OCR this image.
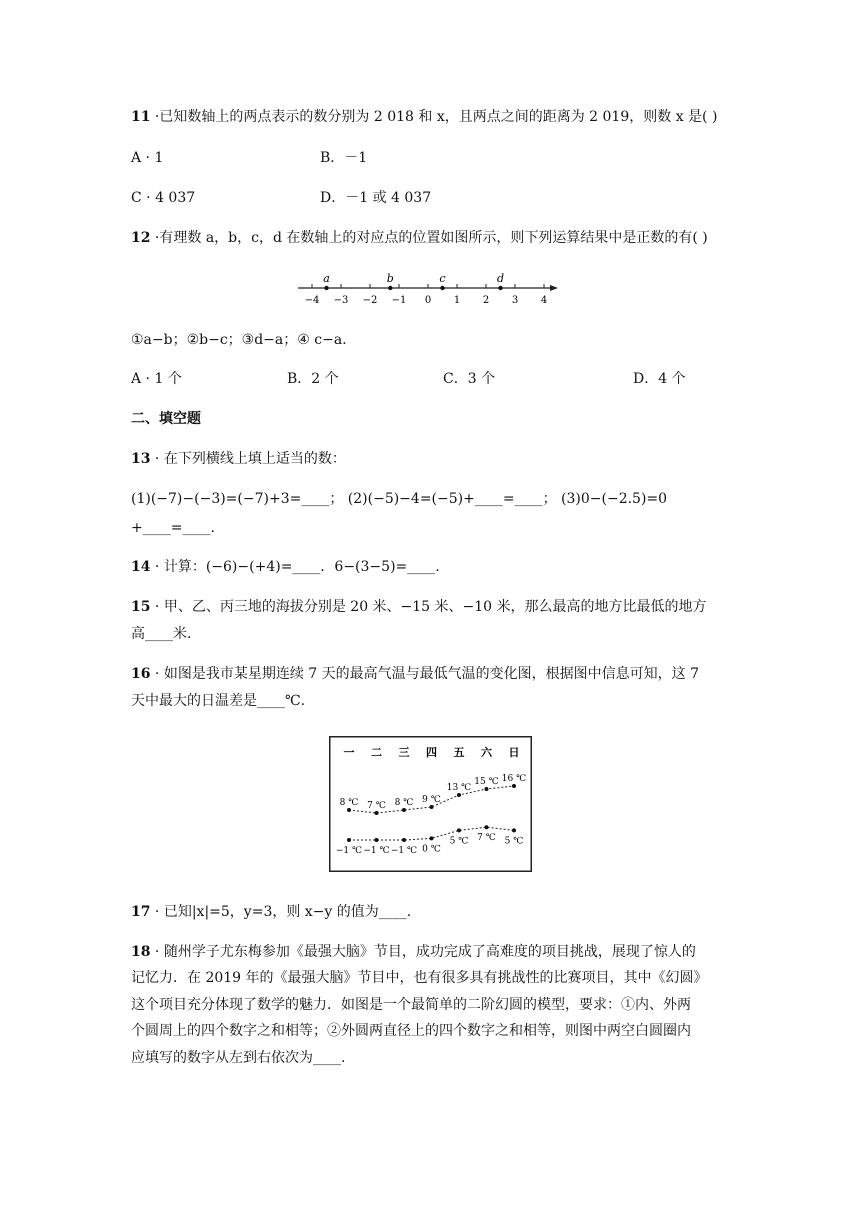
11 ·已知数轴上的两点表示的数分别为 2 018 和 x，且两点之间的距离为 2 019，则数 x 是( )
A · 1	B．－1
C · 4 037	D．－1 或 4 037
12 ·有理数 a，b，c，d 在数轴上的对应点的位置如图所示，则下列运算结果中是正数的有( )
−4 −3 −2 −1 0 1 2 3 4
a	b	c	d
①a−b；②b−c；③d−a；④ c−a.
A · 1 个	B．2 个	C．3 个	D．4 个
二、填空题
13 · 在下列横线上填上适当的数：
(1)(−7)−(−3)=(−7)+3=____； (2)(−5)−4=(−5)+____=____； (3)0−(−2.5)=0
+____=____.
14 · 计算：(−6)−(+4)=____．6−(3−5)=____.
15 · 甲、乙、丙三地的海拔分别是 20 米、−15 米、−10 米，那么最高的地方比最低的地方
高____米.
16 · 如图是我市某星期连续 7 天的最高气温与最低气温的变化图，根据图中信息可知，这 7
天中最大的日温差是____℃.
一 二 三 四 五 六 日
8 ℃ 7 ℃ 8 ℃ 9 ℃
13 ℃
15 ℃ 16 ℃
−1 ℃ −1 ℃ −1 ℃ 0 ℃
5 ℃ 7 ℃ 5 ℃
17 · 已知|x|=5，y=3，则 x−y 的值为____.
18 · 随州学子尤东梅参加《最强大脑》节目，成功完成了高难度的项目挑战，展现了惊人的
记忆力．在 2019 年的《最强大脑》节目中，也有很多具有挑战性的比赛项目，其中《幻圆》
这个项目充分体现了数学的魅力．如图是一个最简单的二阶幻圆的模型，要求：①内、外两
个圆周上的四个数字之和相等；②外圆两直径上的四个数字之和相等，则图中两空白圆圈内
应填写的数字从左到右依次为____.
